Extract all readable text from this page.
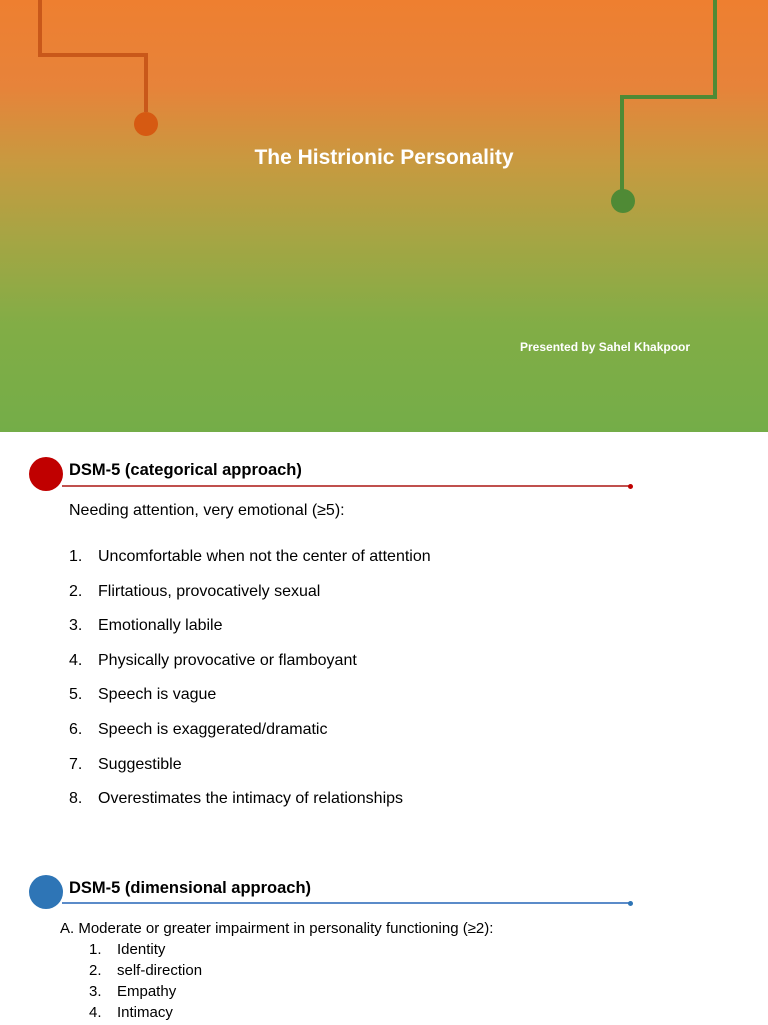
The Histrionic Personality
Presented by Sahel Khakpoor
DSM-5 (categorical approach)
Needing attention, very emotional (≥5):
1. Uncomfortable when not the center of attention
2. Flirtatious, provocatively sexual
3. Emotionally labile
4. Physically provocative or flamboyant
5. Speech is vague
6. Speech is exaggerated/dramatic
7. Suggestible
8. Overestimates the intimacy of relationships
DSM-5 (dimensional approach)
A. Moderate or greater impairment in personality functioning (≥2):
1.	Identity
2.	self-direction
3.	Empathy
4.	Intimacy
